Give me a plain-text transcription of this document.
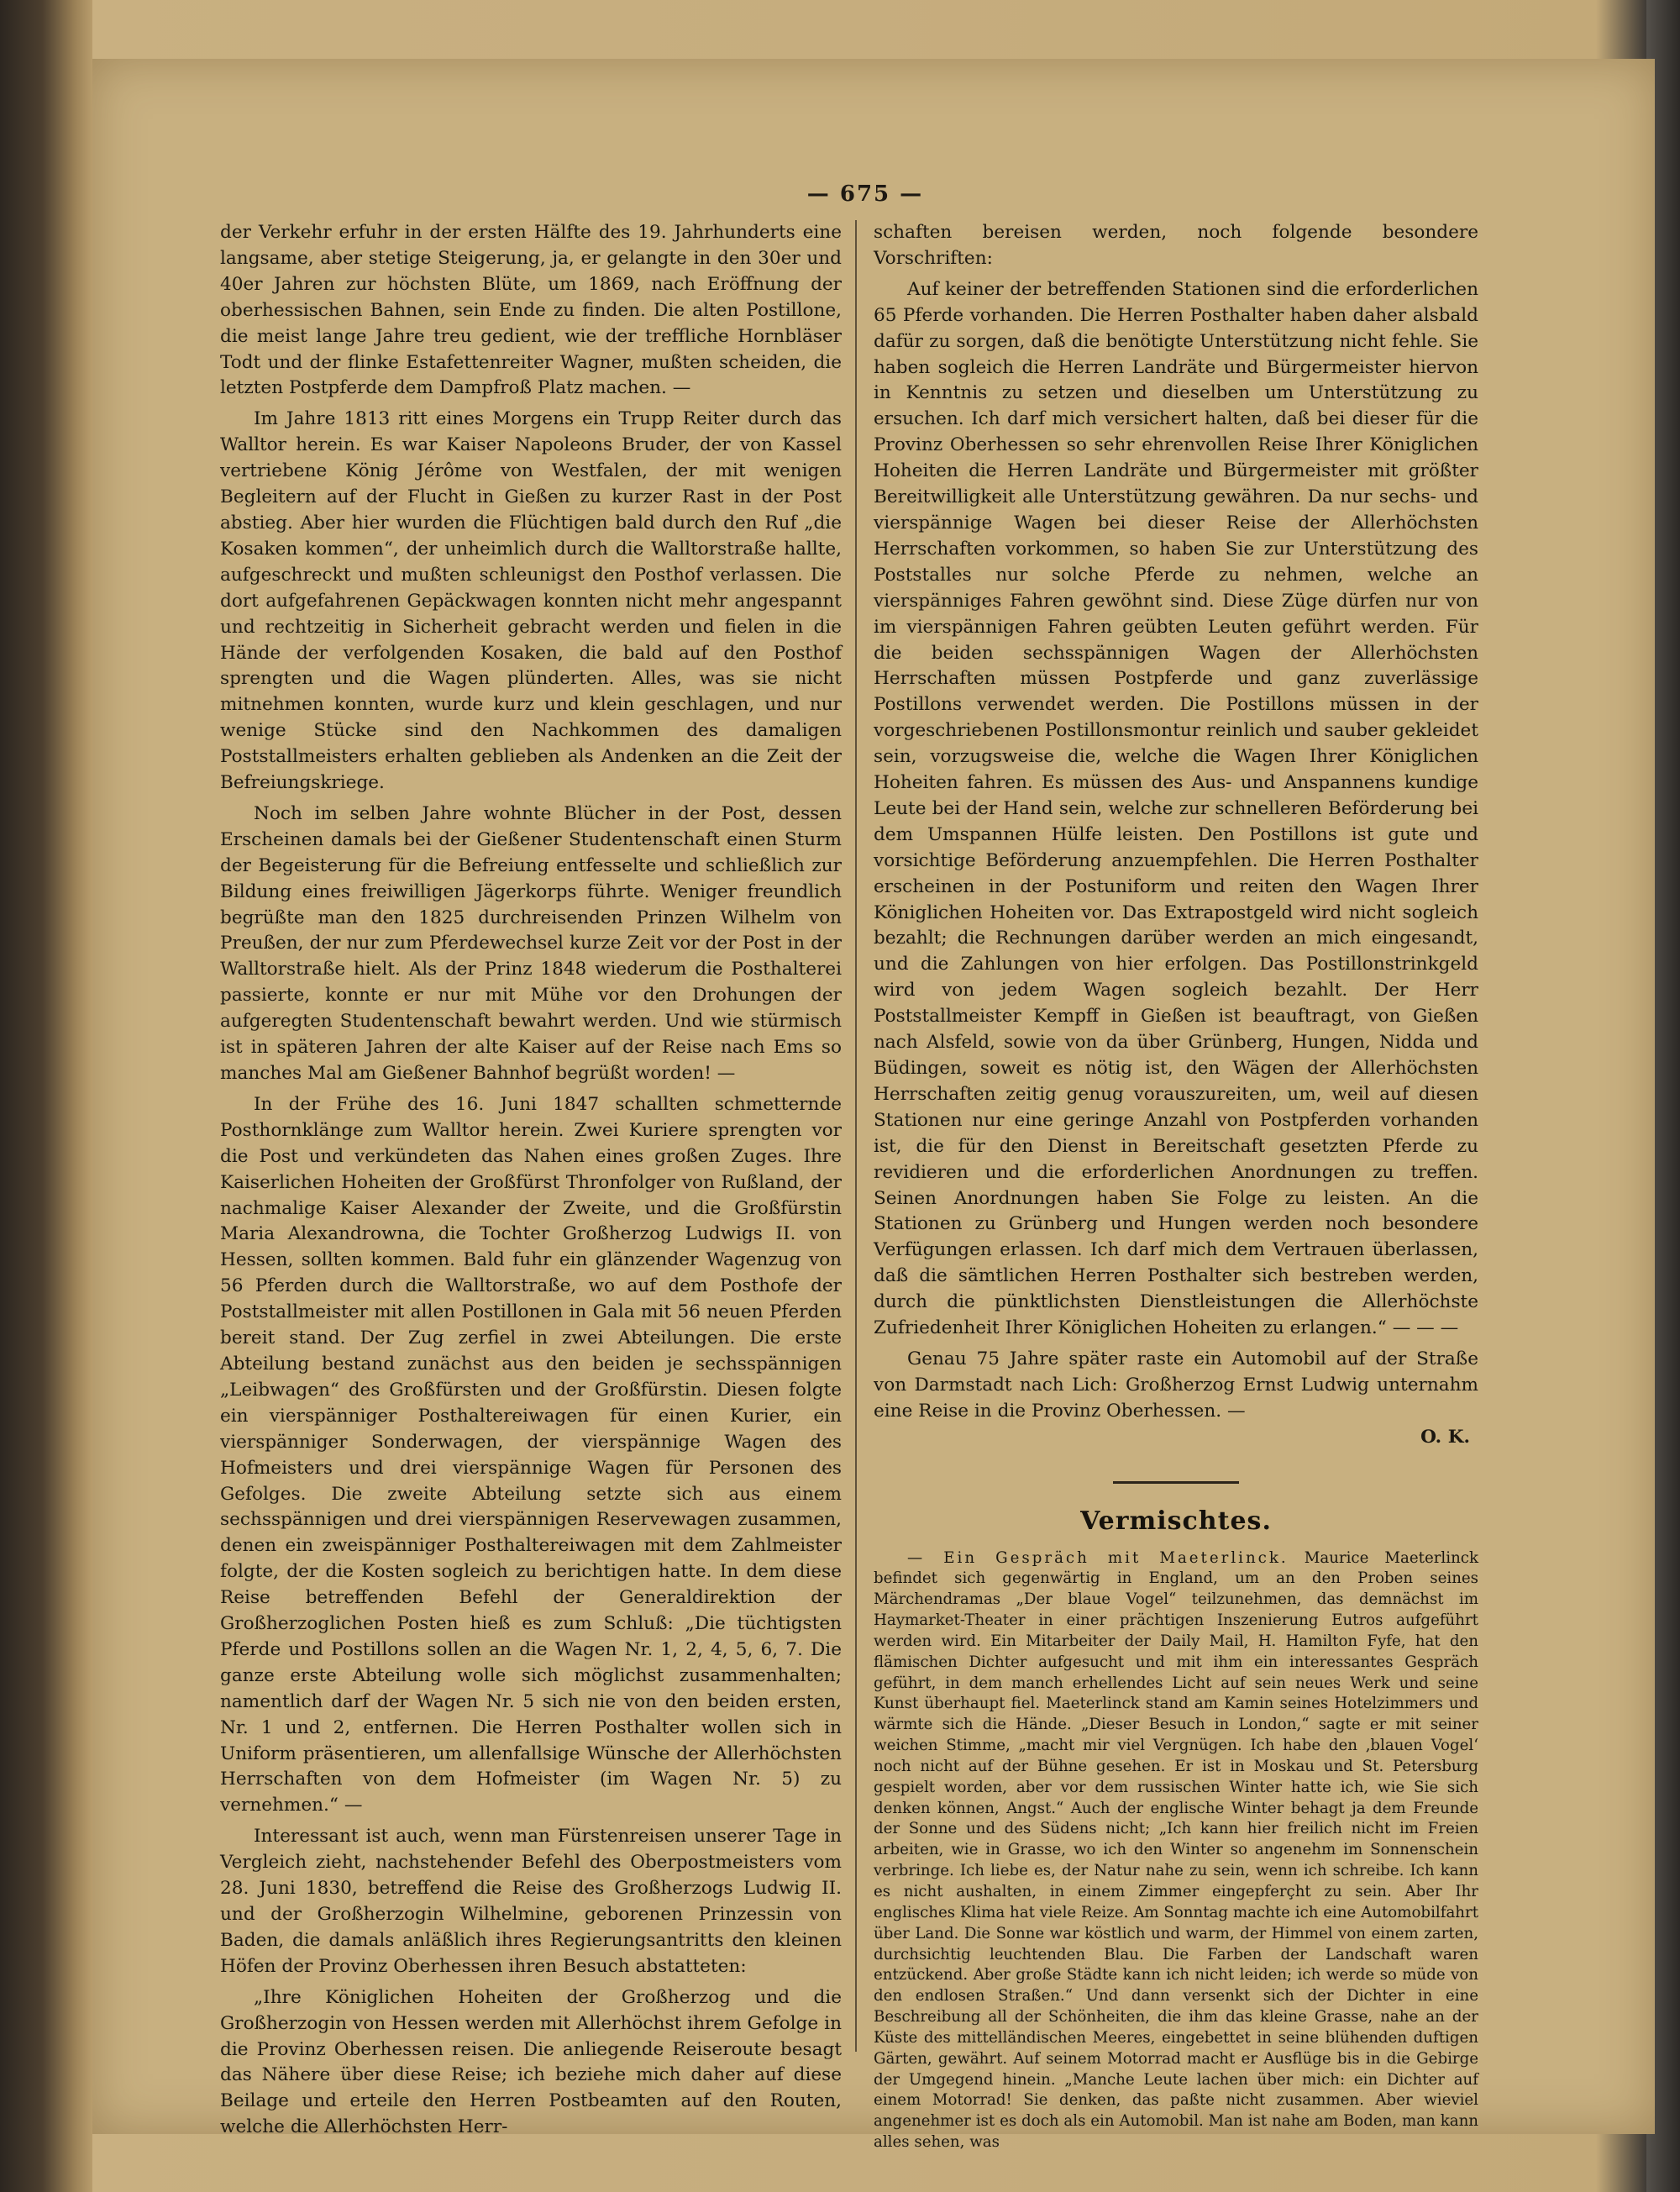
— 675 —

der Verkehr erfuhr in der ersten Hälfte des 19. Jahrhunderts eine langsame, aber stetige Steigerung, ja, er gelangte in den 30er und 40er Jahren zur höchsten Blüte, um 1869, nach Eröffnung der oberhessischen Bahnen, sein Ende zu finden. Die alten Postillone, die meist lange Jahre treu gedient, wie der treffliche Hornbläser Todt und der flinke Estafettenreiter Wagner, mußten scheiden, die letzten Postpferde dem Dampfroß Platz machen. —

Im Jahre 1813 ritt eines Morgens ein Trupp Reiter durch das Walltor herein. Es war Kaiser Napoleons Bruder, der von Kassel vertriebene König Jérôme von Westfalen, der mit wenigen Begleitern auf der Flucht in Gießen zu kurzer Rast in der Post abstieg. Aber hier wurden die Flüchtigen bald durch den Ruf „die Kosaken kommen“, der unheimlich durch die Walltorstraße hallte, aufgeschreckt und mußten schleunigst den Posthof verlassen. Die dort aufgefahrenen Gepäckwagen konnten nicht mehr angespannt und rechtzeitig in Sicherheit gebracht werden und fielen in die Hände der verfolgenden Kosaken, die bald auf den Posthof sprengten und die Wagen plünderten. Alles, was sie nicht mitnehmen konnten, wurde kurz und klein geschlagen, und nur wenige Stücke sind den Nachkommen des damaligen Poststallmeisters erhalten geblieben als Andenken an die Zeit der Befreiungskriege.

Noch im selben Jahre wohnte Blücher in der Post, dessen Erscheinen damals bei der Gießener Studentenschaft einen Sturm der Begeisterung für die Befreiung entfesselte und schließlich zur Bildung eines freiwilligen Jägerkorps führte. Weniger freundlich begrüßte man den 1825 durchreisenden Prinzen Wilhelm von Preußen, der nur zum Pferdewechsel kurze Zeit vor der Post in der Walltorstraße hielt. Als der Prinz 1848 wiederum die Posthalterei passierte, konnte er nur mit Mühe vor den Drohungen der aufgeregten Studentenschaft bewahrt werden. Und wie stürmisch ist in späteren Jahren der alte Kaiser auf der Reise nach Ems so manches Mal am Gießener Bahnhof begrüßt worden! —

In der Frühe des 16. Juni 1847 schallten schmetternde Posthornklänge zum Walltor herein. Zwei Kuriere sprengten vor die Post und verkündeten das Nahen eines großen Zuges. Ihre Kaiserlichen Hoheiten der Großfürst Thronfolger von Rußland, der nachmalige Kaiser Alexander der Zweite, und die Großfürstin Maria Alexandrowna, die Tochter Großherzog Ludwigs II. von Hessen, sollten kommen. Bald fuhr ein glänzender Wagenzug von 56 Pferden durch die Walltorstraße, wo auf dem Posthofe der Poststallmeister mit allen Postillonen in Gala mit 56 neuen Pferden bereit stand. Der Zug zerfiel in zwei Abteilungen. Die erste Abteilung bestand zunächst aus den beiden je sechsspännigen „Leibwagen“ des Großfürsten und der Großfürstin. Diesen folgte ein vierspänniger Posthaltereiwagen für einen Kurier, ein vierspänniger Sonderwagen, der vierspännige Wagen des Hofmeisters und drei vierspännige Wagen für Personen des Gefolges. Die zweite Abteilung setzte sich aus einem sechsspännigen und drei vierspännigen Reservewagen zusammen, denen ein zweispänniger Posthaltereiwagen mit dem Zahlmeister folgte, der die Kosten sogleich zu berichtigen hatte. In dem diese Reise betreffenden Befehl der Generaldirektion der Großherzoglichen Posten hieß es zum Schluß: „Die tüchtigsten Pferde und Postillons sollen an die Wagen Nr. 1, 2, 4, 5, 6, 7. Die ganze erste Abteilung wolle sich möglichst zusammenhalten; namentlich darf der Wagen Nr. 5 sich nie von den beiden ersten, Nr. 1 und 2, entfernen. Die Herren Posthalter wollen sich in Uniform präsentieren, um allenfallsige Wünsche der Allerhöchsten Herrschaften von dem Hofmeister (im Wagen Nr. 5) zu vernehmen.“ —

Interessant ist auch, wenn man Fürstenreisen unserer Tage in Vergleich zieht, nachstehender Befehl des Oberpostmeisters vom 28. Juni 1830, betreffend die Reise des Großherzogs Ludwig II. und der Großherzogin Wilhelmine, geborenen Prinzessin von Baden, die damals anläßlich ihres Regierungsantritts den kleinen Höfen der Provinz Oberhessen ihren Besuch abstatteten:

„Ihre Königlichen Hoheiten der Großherzog und die Großherzogin von Hessen werden mit Allerhöchst ihrem Gefolge in die Provinz Oberhessen reisen. Die anliegende Reiseroute besagt das Nähere über diese Reise; ich beziehe mich daher auf diese Beilage und erteile den Herren Postbeamten auf den Routen, welche die Allerhöchsten Herr-

schaften bereisen werden, noch folgende besondere Vorschriften:

Auf keiner der betreffenden Stationen sind die erforderlichen 65 Pferde vorhanden. Die Herren Posthalter haben daher alsbald dafür zu sorgen, daß die benötigte Unterstützung nicht fehle. Sie haben sogleich die Herren Landräte und Bürgermeister hiervon in Kenntnis zu setzen und dieselben um Unterstützung zu ersuchen. Ich darf mich versichert halten, daß bei dieser für die Provinz Oberhessen so sehr ehrenvollen Reise Ihrer Königlichen Hoheiten die Herren Landräte und Bürgermeister mit größter Bereitwilligkeit alle Unterstützung gewähren. Da nur sechs- und vierspännige Wagen bei dieser Reise der Allerhöchsten Herrschaften vorkommen, so haben Sie zur Unterstützung des Poststalles nur solche Pferde zu nehmen, welche an vierspänniges Fahren gewöhnt sind. Diese Züge dürfen nur von im vierspännigen Fahren geübten Leuten geführt werden. Für die beiden sechsspännigen Wagen der Allerhöchsten Herrschaften müssen Postpferde und ganz zuverlässige Postillons verwendet werden. Die Postillons müssen in der vorgeschriebenen Postillonsmontur reinlich und sauber gekleidet sein, vorzugsweise die, welche die Wagen Ihrer Königlichen Hoheiten fahren. Es müssen des Aus- und Anspannens kundige Leute bei der Hand sein, welche zur schnelleren Beförderung bei dem Umspannen Hülfe leisten. Den Postillons ist gute und vorsichtige Beförderung anzuempfehlen. Die Herren Posthalter erscheinen in der Postuniform und reiten den Wagen Ihrer Königlichen Hoheiten vor. Das Extrapostgeld wird nicht sogleich bezahlt; die Rechnungen darüber werden an mich eingesandt, und die Zahlungen von hier erfolgen. Das Postillonstrinkgeld wird von jedem Wagen sogleich bezahlt. Der Herr Poststallmeister Kempff in Gießen ist beauftragt, von Gießen nach Alsfeld, sowie von da über Grünberg, Hungen, Nidda und Büdingen, soweit es nötig ist, den Wägen der Allerhöchsten Herrschaften zeitig genug vorauszureiten, um, weil auf diesen Stationen nur eine geringe Anzahl von Postpferden vorhanden ist, die für den Dienst in Bereitschaft gesetzten Pferde zu revidieren und die erforderlichen Anordnungen zu treffen. Seinen Anordnungen haben Sie Folge zu leisten. An die Stationen zu Grünberg und Hungen werden noch besondere Verfügungen erlassen. Ich darf mich dem Vertrauen überlassen, daß die sämtlichen Herren Posthalter sich bestreben werden, durch die pünktlichsten Dienstleistungen die Allerhöchste Zufriedenheit Ihrer Königlichen Hoheiten zu erlangen.“ — — —

Genau 75 Jahre später raste ein Automobil auf der Straße von Darmstadt nach Lich: Großherzog Ernst Ludwig unternahm eine Reise in die Provinz Oberhessen. —

O. K.
Vermischtes.

— Ein Gespräch mit Maeterlinck. Maurice Maeterlinck befindet sich gegenwärtig in England, um an den Proben seines Märchendramas „Der blaue Vogel“ teilzunehmen, das demnächst im Haymarket-Theater in einer prächtigen Inszenierung Eutros aufgeführt werden wird. Ein Mitarbeiter der Daily Mail, H. Hamilton Fyfe, hat den flämischen Dichter aufgesucht und mit ihm ein interessantes Gespräch geführt, in dem manch erhellendes Licht auf sein neues Werk und seine Kunst überhaupt fiel. Maeterlinck stand am Kamin seines Hotelzimmers und wärmte sich die Hände. „Dieser Besuch in London,“ sagte er mit seiner weichen Stimme, „macht mir viel Vergnügen. Ich habe den ‚blauen Vogel‘ noch nicht auf der Bühne gesehen. Er ist in Moskau und St. Petersburg gespielt worden, aber vor dem russischen Winter hatte ich, wie Sie sich denken können, Angst.“ Auch der englische Winter behagt ja dem Freunde der Sonne und des Südens nicht; „Ich kann hier freilich nicht im Freien arbeiten, wie in Grasse, wo ich den Winter so angenehm im Sonnenschein verbringe. Ich liebe es, der Natur nahe zu sein, wenn ich schreibe. Ich kann es nicht aushalten, in einem Zimmer eingepferçht zu sein. Aber Ihr englisches Klima hat viele Reize. Am Sonntag machte ich eine Automobilfahrt über Land. Die Sonne war köstlich und warm, der Himmel von einem zarten, durchsichtig leuchtenden Blau. Die Farben der Landschaft waren entzückend. Aber große Städte kann ich nicht leiden; ich werde so müde von den endlosen Straßen.“ Und dann versenkt sich der Dichter in eine Beschreibung all der Schönheiten, die ihm das kleine Grasse, nahe an der Küste des mittelländischen Meeres, eingebettet in seine blühenden duftigen Gärten, gewährt. Auf seinem Motorrad macht er Ausflüge bis in die Gebirge der Umgegend hinein. „Manche Leute lachen über mich: ein Dichter auf einem Motorrad! Sie denken, das paßte nicht zusammen. Aber wieviel angenehmer ist es doch als ein Automobil. Man ist nahe am Boden, man kann alles sehen, was
